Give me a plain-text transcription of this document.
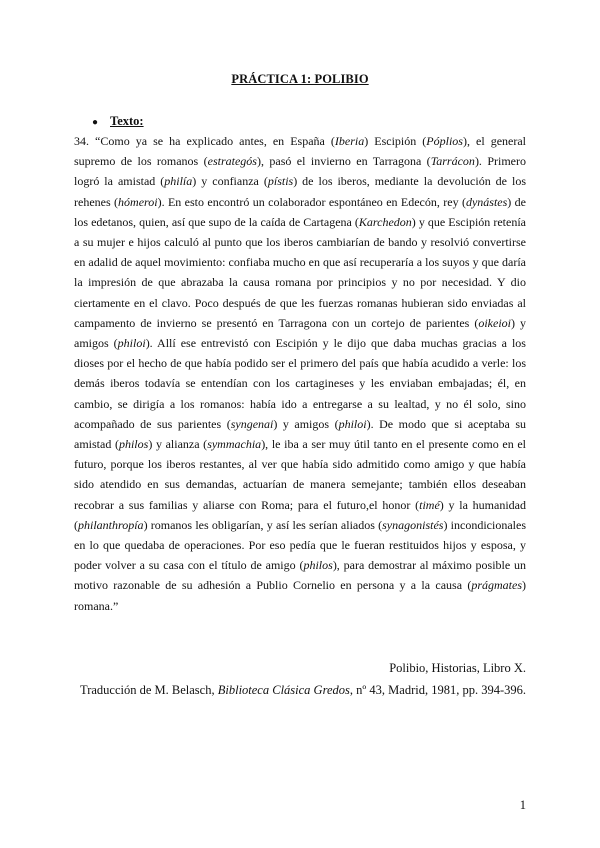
PRÁCTICA 1: POLIBIO
● Texto:

34. “Como ya se ha explicado antes, en España (Iberia) Escipión (Póplios), el general supremo de los romanos (estrategós), pasó el invierno en Tarragona (Tarrácon). Primero logró la amistad (philía) y confianza (pístis) de los iberos, mediante la devolución de los rehenes (hómeroi). En esto encontró un colaborador espontáneo en Edecón, rey (dynástes) de los edetanos, quien, así que supo de la caída de Cartagena (Karchedon) y que Escipión retenía a su mujer e hijos calculó al punto que los iberos cambiarían de bando y resolvió convertirse en adalid de aquel movimiento: confiaba mucho en que así recuperaría a los suyos y que daría la impresión de que abrazaba la causa romana por principios y no por necesidad. Y dio ciertamente en el clavo. Poco después de que les fuerzas romanas hubieran sido enviadas al campamento de invierno se presentó en Tarragona con un cortejo de parientes (oikeioi) y amigos (philoi). Allí ese entrevistó con Escipión y le dijo que daba muchas gracias a los dioses por el hecho de que había podido ser el primero del país que había acudido a verle: los demás iberos todavía se entendían con los cartagineses y les enviaban embajadas; él, en cambio, se dirigía a los romanos: había ido a entregarse a su lealtad, y no él solo, sino acompañado de sus parientes (syngenai) y amigos (philoi). De modo que si aceptaba su amistad (philos) y alianza (symmachia), le iba a ser muy útil tanto en el presente como en el futuro, porque los iberos restantes, al ver que había sido admitido como amigo y que había sido atendido en sus demandas, actuarían de manera semejante; también ellos deseaban recobrar a sus familias y aliarse con Roma; para el futuro,el honor (timé) y la humanidad (philanthropía) romanos les obligarían, y así les serían aliados (synagonistés) incondicionales en lo que quedaba de operaciones. Por eso pedía que le fueran restituidos hijos y esposa, y poder volver a su casa con el título de amigo (philos), para demostrar al máximo posible un motivo razonable de su adhesión a Publio Cornelio en persona y a la causa (prágmates) romana.”

Polibio, Historias, Libro X.
Traducción de M. Belasch, Biblioteca Clásica Gredos, nº 43, Madrid, 1981, pp. 394-396.
1
